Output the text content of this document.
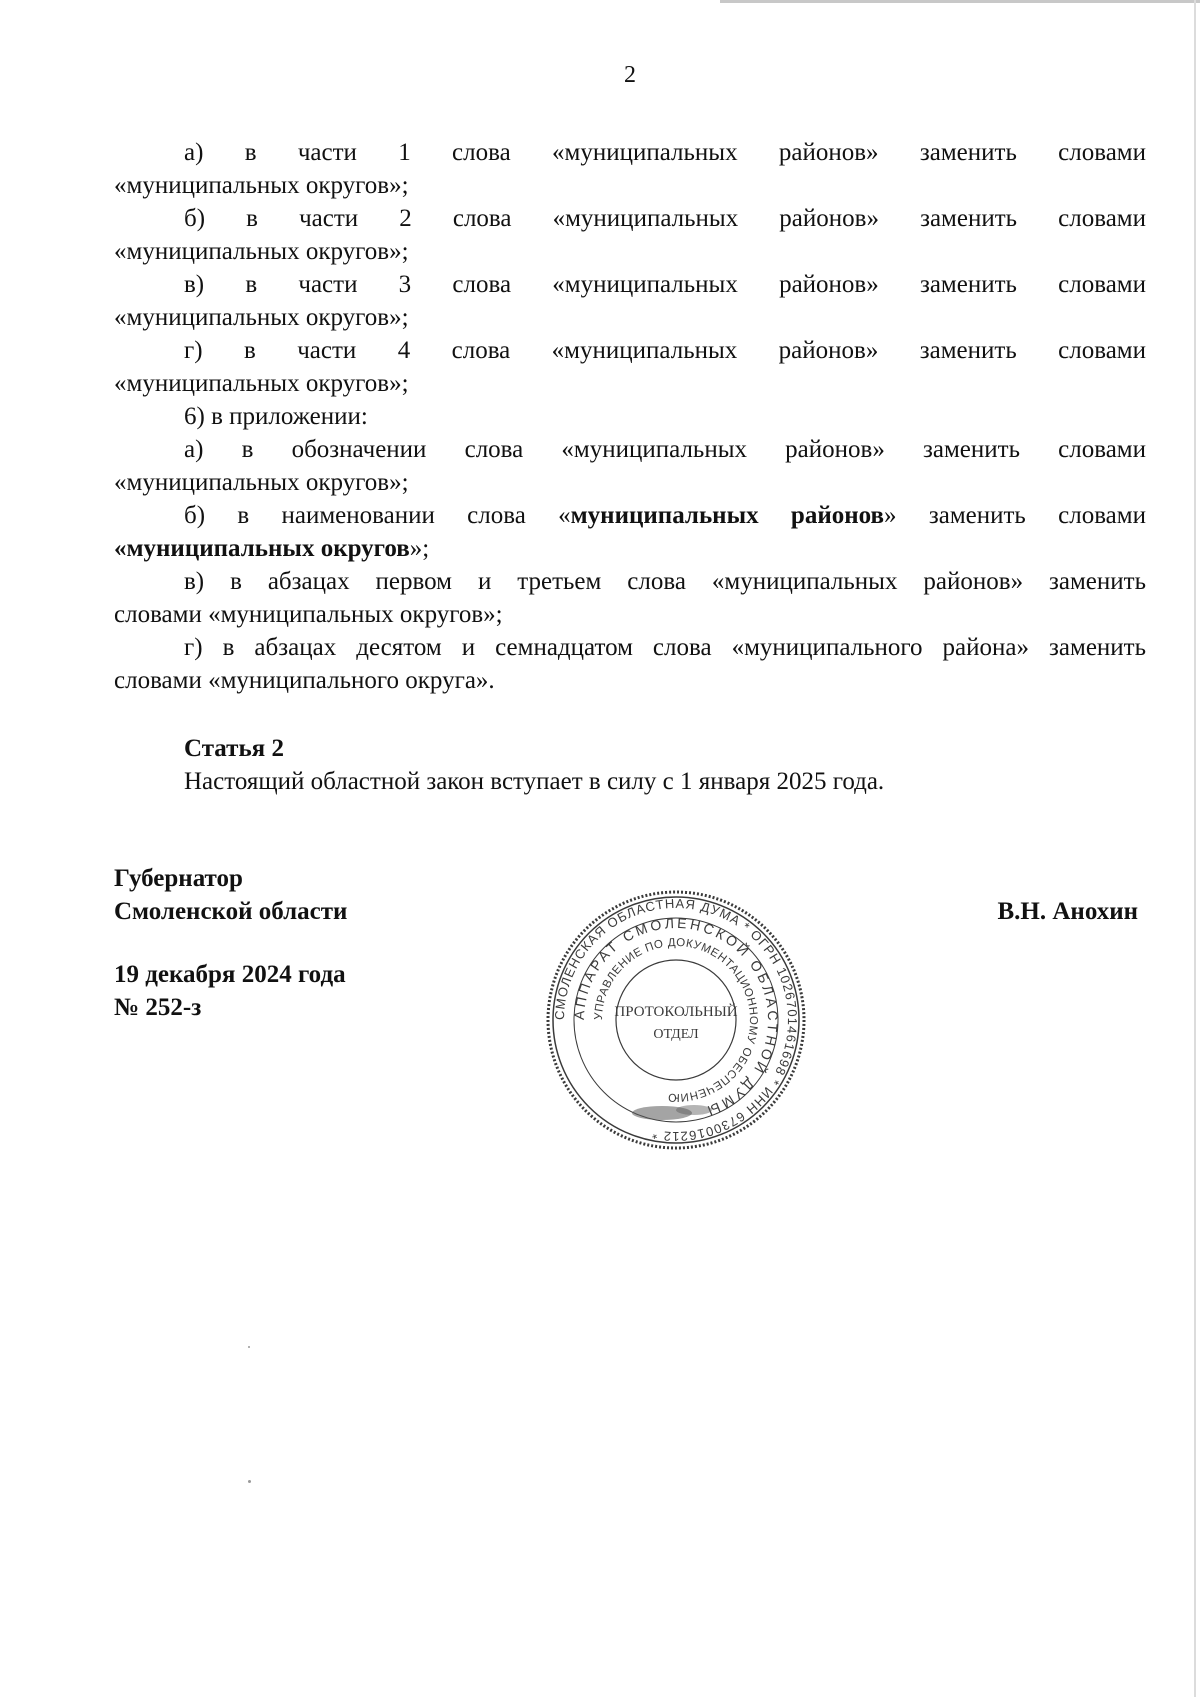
2

а) в части 1 слова «муниципальных районов» заменить словами

«муниципальных округов»;

б) в части 2 слова «муниципальных районов» заменить словами

«муниципальных округов»;

в) в части 3 слова «муниципальных районов» заменить словами

«муниципальных округов»;

г) в части 4 слова «муниципальных районов» заменить словами

«муниципальных округов»;

6) в приложении:

а) в обозначении слова «муниципальных районов» заменить словами

«муниципальных округов»;

б) в наименовании слова «муниципальных районов» заменить словами

«муниципальных округов»;

в) в абзацах первом и третьем слова «муниципальных районов» заменить

словами «муниципальных округов»;

г) в абзацах десятом и семнадцатом слова «муниципального района» заменить

словами «муниципального округа».

Статья 2

Настоящий областной закон вступает в силу с 1 января 2025 года.

Губернатор

Смоленской области	В.Н. Анохин

19 декабря 2024 года

№ 252-з	СМОЛЕНСКАЯ ОБЛАСТНАЯ ДУМА * ОГРН 1026701461698 * ИНН 6730016212 *
АППАРАТ СМОЛЕНСКОЙ ОБЛАСТНОЙ ДУМЫ
УПРАВЛЕНИЕ ПО ДОКУМЕНТАЦИОННОМУ ОБЕСПЕЧЕНИЮ
ПРОТОКОЛЬНЫЙ
ОТДЕЛ
